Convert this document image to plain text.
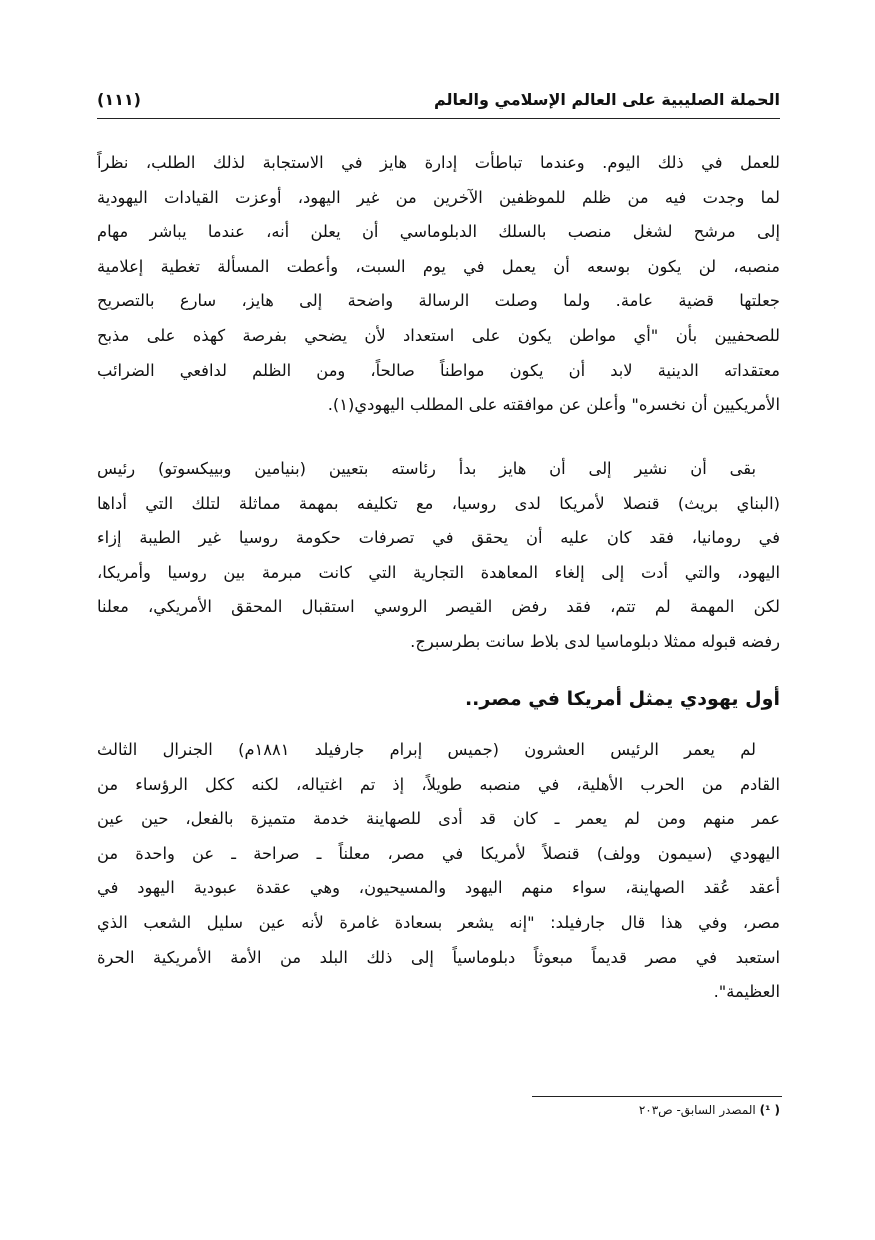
الحملة الصليبية على العالم الإسلامي والعالم
(١١١)
للعمل في ذلك اليوم. وعندما تباطأت إدارة هايز في الاستجابة لذلك الطلب، نظراً
لما وجدت فيه من ظلم للموظفين الآخرين من غير اليهود، أوعزت القيادات اليهودية
إلى مرشح لشغل منصب بالسلك الدبلوماسي أن يعلن أنه، عندما يباشر مهام
منصبه، لن يكون بوسعه أن يعمل في يوم السبت، وأعطت المسألة تغطية إعلامية
جعلتها قضية عامة. ولما وصلت الرسالة واضحة إلى هايز، سارع بالتصريح
للصحفيين بأن "أي مواطن يكون على استعداد لأن يضحي بفرصة كهذه على مذبح
معتقداته الدينية لابد أن يكون مواطناً صالحاً، ومن الظلم لدافعي الضرائب
الأمريكيين أن نخسره" وأعلن عن موافقته على المطلب اليهودي(١).
بقى أن نشير إلى أن هايز بدأ رئاسته بتعيين (بنيامين وبييكسوتو) رئيس
(البناي بريث) قنصلا لأمريكا لدى روسيا، مع تكليفه بمهمة مماثلة لتلك التي أداها
في رومانيا، فقد كان عليه أن يحقق في تصرفات حكومة روسيا غير الطيبة إزاء
اليهود، والتي أدت إلى إلغاء المعاهدة التجارية التي كانت مبرمة بين روسيا وأمريكا،
لكن المهمة لم تتم، فقد رفض القيصر الروسي استقبال المحقق الأمريكي، معلنا
رفضه قبوله ممثلا دبلوماسيا لدى بلاط سانت بطرسبرج.
أول يهودي يمثل أمريكا في مصر..
لم يعمر الرئيس العشرون (جميس إبرام جارفيلد ١٨٨١م) الجنرال الثالث
القادم من الحرب الأهلية، في منصبه طويلاً، إذ تم اغتياله، لكنه ككل الرؤساء من
عمر منهم ومن لم يعمر ـ كان قد أدى للصهاينة خدمة متميزة بالفعل، حين عين
اليهودي (سيمون وولف) قنصلاً لأمريكا في مصر، معلناً ـ صراحة ـ عن واحدة من
أعقد عُقد الصهاينة، سواء منهم اليهود والمسيحيون، وهي عقدة عبودية اليهود في
مصر، وفي هذا قال جارفيلد: "إنه يشعر بسعادة غامرة لأنه عين سليل الشعب الذي
استعبد في مصر قديماً مبعوثاً دبلوماسياً إلى ذلك البلد من الأمة الأمريكية الحرة
العظيمة".
( ¹) المصدر السابق- ص٢٠٣
